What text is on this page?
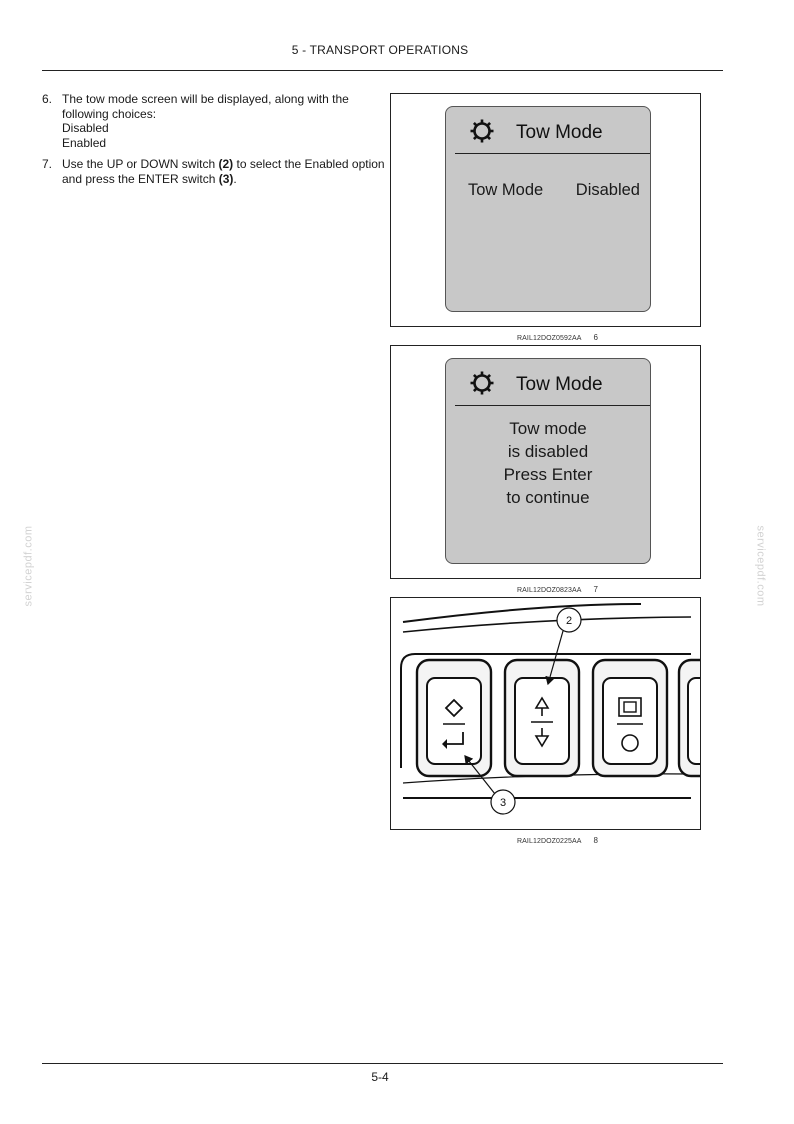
5 - TRANSPORT OPERATIONS
6. The tow mode screen will be displayed, along with the following choices:
Disabled
Enabled
7. Use the UP or DOWN switch (2) to select the Enabled option and press the ENTER switch (3).
Tow Mode
Tow Mode Disabled
RAIL12DOZ0592AA 6
Tow Mode
Tow mode
is disabled
Press Enter
to continue
RAIL12DOZ0823AA 7
2
3
RAIL12DOZ0225AA 8
servicepdf.com	servicepdf.com
5-4
